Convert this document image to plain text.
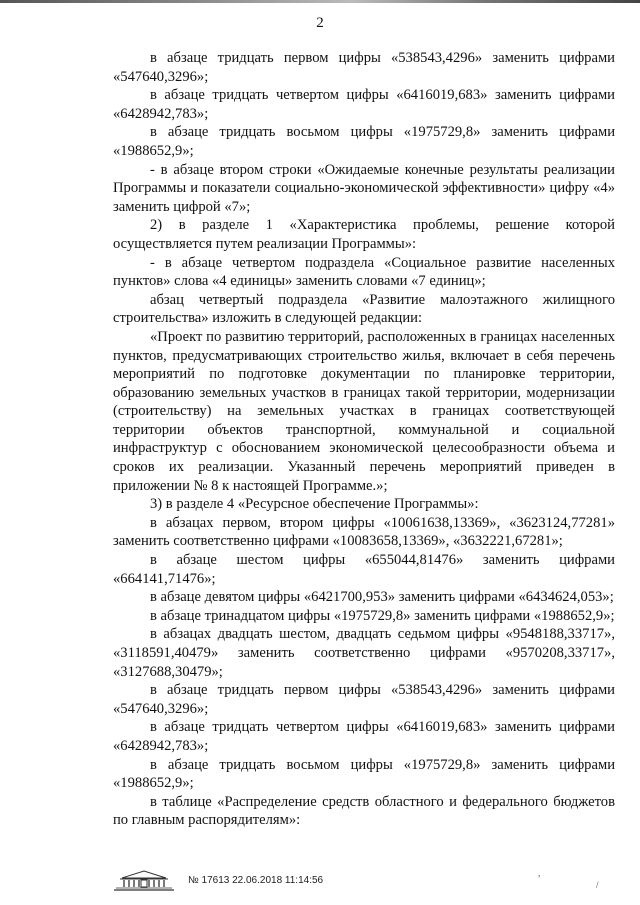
2

в абзаце тридцать первом цифры «538543,4296» заменить цифрами «547640,3296»;

в абзаце тридцать четвертом цифры «6416019,683» заменить цифрами «6428942,783»;

в абзаце тридцать восьмом цифры «1975729,8» заменить цифрами «1988652,9»;

- в абзаце втором строки «Ожидаемые конечные результаты реализации Программы и показатели социально-экономической эффективности» цифру «4» заменить цифрой «7»;

2) в разделе 1 «Характеристика проблемы, решение которой осуществляется путем реализации Программы»:

- в абзаце четвертом подраздела «Социальное развитие населенных пунктов» слова «4 единицы» заменить словами «7 единиц»;

абзац четвертый подраздела «Развитие малоэтажного жилищного строительства» изложить в следующей редакции:

«Проект по развитию территорий, расположенных в границах населенных пунктов, предусматривающих строительство жилья, включает в себя перечень мероприятий по подготовке документации по планировке территории, образованию земельных участков в границах такой территории, модернизации (строительству) на земельных участках в границах соответствующей территории объектов транспортной, коммунальной и социальной инфраструктур с обоснованием экономической целесообразности объема и сроков их реализации. Указанный перечень мероприятий приведен в приложении № 8 к настоящей Программе.»;

3) в разделе 4 «Ресурсное обеспечение Программы»:

в абзацах первом, втором цифры «10061638,13369», «3623124,77281» заменить соответственно цифрами «10083658,13369», «3632221,67281»;

в абзаце шестом цифры «655044,81476» заменить цифрами «664141,71476»;

в абзаце девятом цифры «6421700,953» заменить цифрами «6434624,053»;

в абзаце тринадцатом цифры «1975729,8» заменить цифрами «1988652,9»;

в абзацах двадцать шестом, двадцать седьмом цифры «9548188,33717», «3118591,40479» заменить соответственно цифрами «9570208,33717», «3127688,30479»;

в абзаце тридцать первом цифры «538543,4296» заменить цифрами «547640,3296»;

в абзаце тридцать четвертом цифры «6416019,683» заменить цифрами «6428942,783»;

в абзаце тридцать восьмом цифры «1975729,8» заменить цифрами «1988652,9»;

в таблице «Распределение средств областного и федерального бюджетов по главным распорядителям»:

№ 17613 22.06.2018 11:14:56
,
/
